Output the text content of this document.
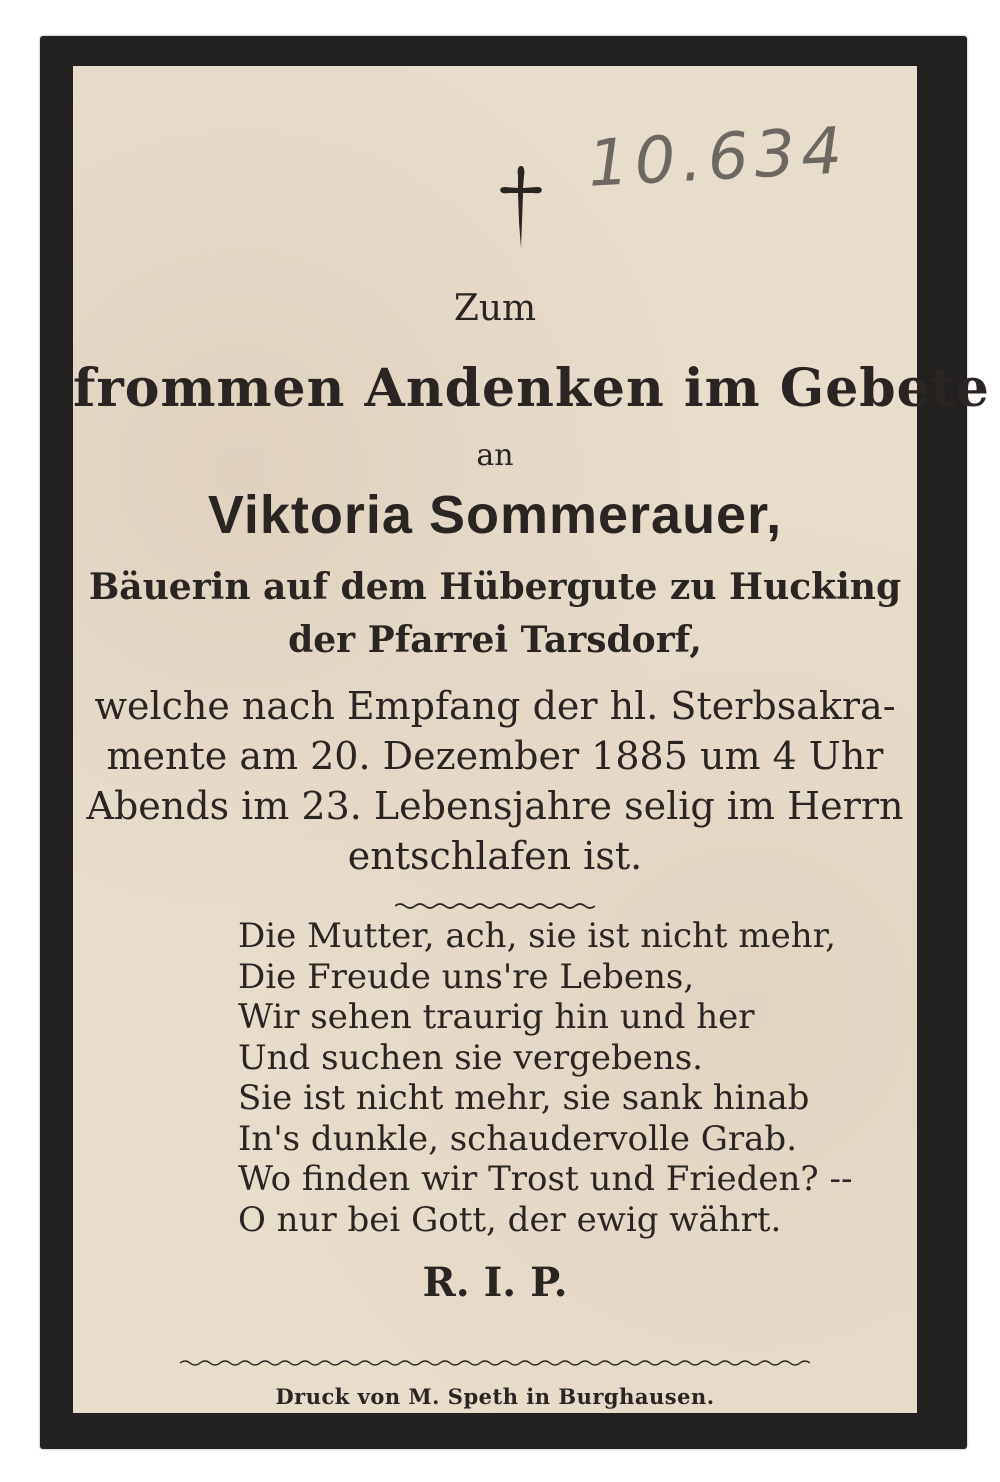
10.634
Zum
frommen Andenken im Gebete
an
Viktoria Sommerauer,
Bäuerin auf dem Hübergute zu Hucking
der Pfarrei Tarsdorf,
welche nach Empfang der hl. Sterbsakra-
mente am 20. Dezember 1885 um 4 Uhr
Abends im 23. Lebensjahre selig im Herrn
entschlafen ist.
Die Mutter, ach, sie ist nicht mehr,
Die Freude uns're Lebens,
Wir sehen traurig hin und her
Und suchen sie vergebens.
Sie ist nicht mehr, sie sank hinab
In's dunkle, schaudervolle Grab.
Wo finden wir Trost und Frieden? --
O nur bei Gott, der ewig währt.
R. I. P.
Druck von M. Speth in Burghausen.
